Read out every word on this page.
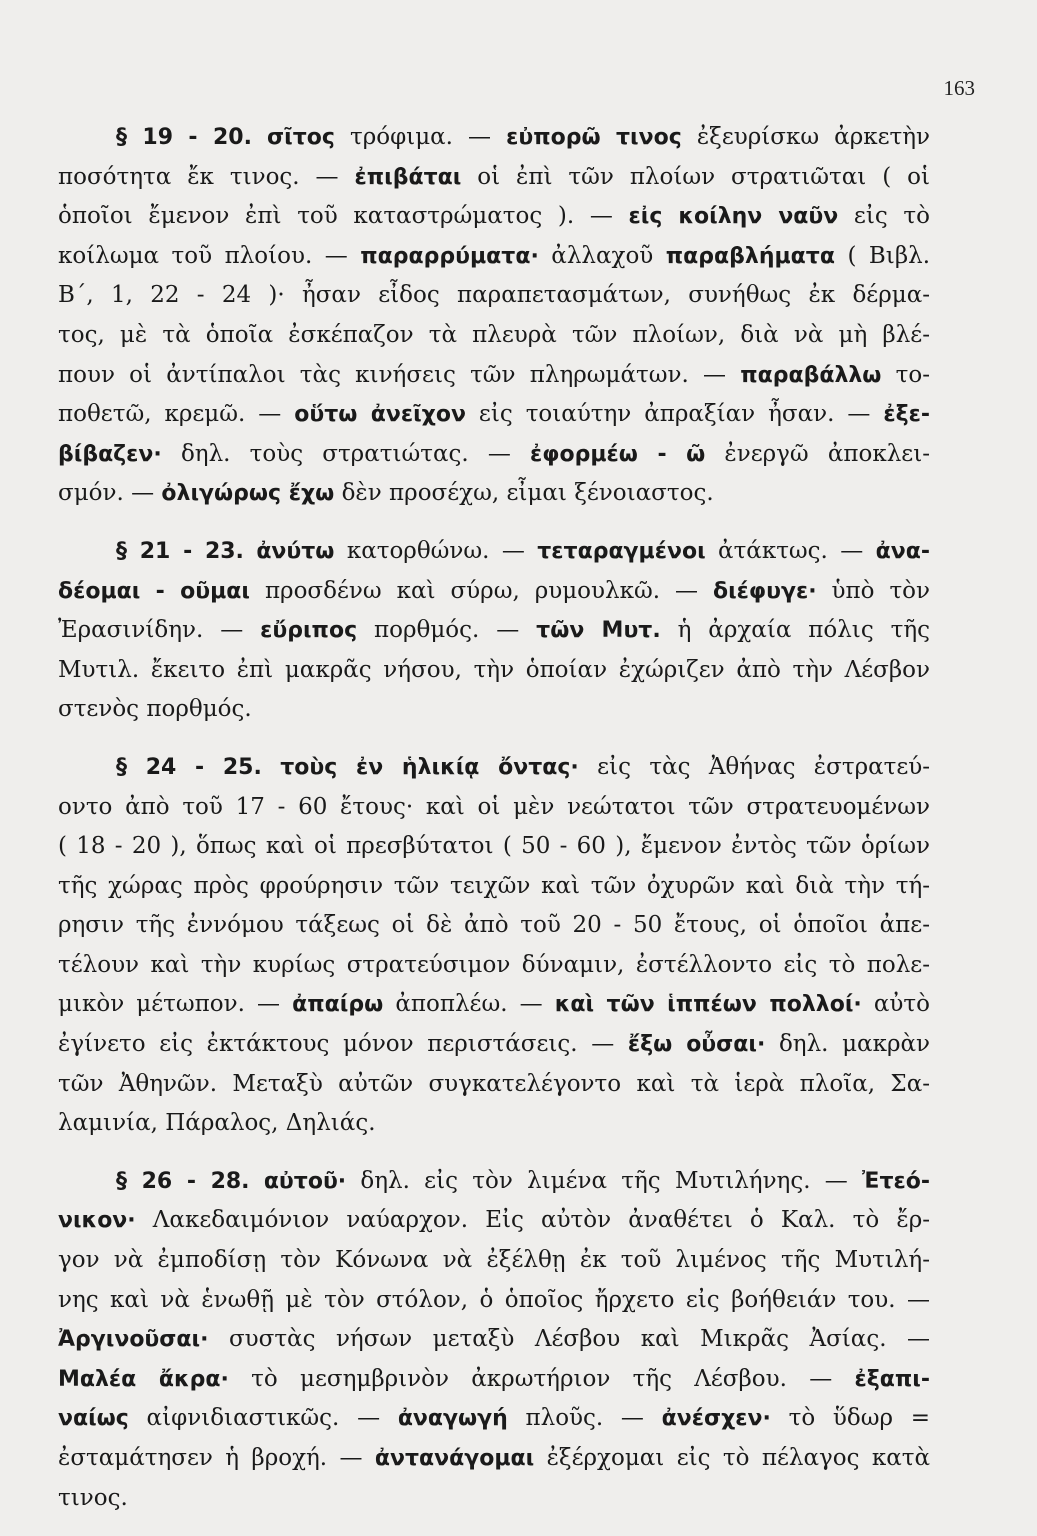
163
§ 19 - 20. σῖτος τρόφιμα. — εὐπορῶ τινος ἐξευρίσκω ἀρκετὴν
ποσότητα ἔκ τινος. — ἐπιβάται οἱ ἐπὶ τῶν πλοίων στρατιῶται ( οἱ
ὁποῖοι ἔμενον ἐπὶ τοῦ καταστρώματος ). — εἰς κοίλην ναῦν εἰς τὸ
κοίλωμα τοῦ πλοίου. — παραρρύματα· ἀλλαχοῦ παραβλήματα ( Βιβλ.
Β΄, 1, 22 - 24 )· ἦσαν εἶδος παραπετασμάτων, συνήθως ἐκ δέρμα-
τος, μὲ τὰ ὁποῖα ἐσκέπαζον τὰ πλευρὰ τῶν πλοίων, διὰ νὰ μὴ βλέ-
πουν οἱ ἀντίπαλοι τὰς κινήσεις τῶν πληρωμάτων. — παραβάλλω το-
ποθετῶ, κρεμῶ. — οὕτω ἀνεῖχον εἰς τοιαύτην ἀπραξίαν ἦσαν. — ἐξε-
βίβαζεν· δηλ. τοὺς στρατιώτας. — ἐφορμέω - ῶ ἐνεργῶ ἀποκλει-
σμόν. — ὀλιγώρως ἔχω δὲν προσέχω, εἶμαι ξένοιαστος.
§ 21 - 23. ἀνύτω κατορθώνω. — τεταραγμένοι ἀτάκτως. — ἀνα-
δέομαι - οῦμαι προσδένω καὶ σύρω, ρυμουλκῶ. — διέφυγε· ὑπὸ τὸν
Ἐρασινίδην. — εὔριπος πορθμός. — τῶν Μυτ. ἡ ἀρχαία πόλις τῆς
Μυτιλ. ἔκειτο ἐπὶ μακρᾶς νήσου, τὴν ὁποίαν ἐχώριζεν ἀπὸ τὴν Λέσβον
στενὸς πορθμός.
§ 24 - 25. τοὺς ἐν ἡλικίᾳ ὄντας· εἰς τὰς Ἀθήνας ἐστρατεύ-
οντο ἀπὸ τοῦ 17 - 60 ἔτους· καὶ οἱ μὲν νεώτατοι τῶν στρατευομένων
( 18 - 20 ), ὅπως καὶ οἱ πρεσβύτατοι ( 50 - 60 ), ἔμενον ἐντὸς τῶν ὁρίων
τῆς χώρας πρὸς φρούρησιν τῶν τειχῶν καὶ τῶν ὀχυρῶν καὶ διὰ τὴν τή-
ρησιν τῆς ἐννόμου τάξεως οἱ δὲ ἀπὸ τοῦ 20 - 50 ἔτους, οἱ ὁποῖοι ἀπε-
τέλουν καὶ τὴν κυρίως στρατεύσιμον δύναμιν, ἐστέλλοντο εἰς τὸ πολε-
μικὸν μέτωπον. — ἀπαίρω ἀποπλέω. — καὶ τῶν ἱππέων πολλοί· αὐτὸ
ἐγίνετο εἰς ἐκτάκτους μόνον περιστάσεις. — ἔξω οὖσαι· δηλ. μακρὰν
τῶν Ἀθηνῶν. Μεταξὺ αὐτῶν συγκατελέγοντο καὶ τὰ ἱερὰ πλοῖα, Σα-
λαμινία, Πάραλος, Δηλιάς.
§ 26 - 28. αὐτοῦ· δηλ. εἰς τὸν λιμένα τῆς Μυτιλήνης. — Ἐτεό-
νικον· Λακεδαιμόνιον ναύαρχον. Εἰς αὐτὸν ἀναθέτει ὁ Καλ. τὸ ἔρ-
γον νὰ ἐμποδίσῃ τὸν Κόνωνα νὰ ἐξέλθῃ ἐκ τοῦ λιμένος τῆς Μυτιλή-
νης καὶ νὰ ἑνωθῇ μὲ τὸν στόλον, ὁ ὁποῖος ἤρχετο εἰς βοήθειάν του. —
Ἀργινοῦσαι· συστὰς νήσων μεταξὺ Λέσβου καὶ Μικρᾶς Ἀσίας. —
Μαλέα ἄκρα· τὸ μεσημβρινὸν ἀκρωτήριον τῆς Λέσβου. — ἐξαπι-
ναίως αἰφνιδιαστικῶς. — ἀναγωγή πλοῦς. — ἀνέσχεν· τὸ ὕδωρ =
ἐσταμάτησεν ἡ βροχή. — ἀντανάγομαι ἐξέρχομαι εἰς τὸ πέλαγος κατὰ
τινος.
